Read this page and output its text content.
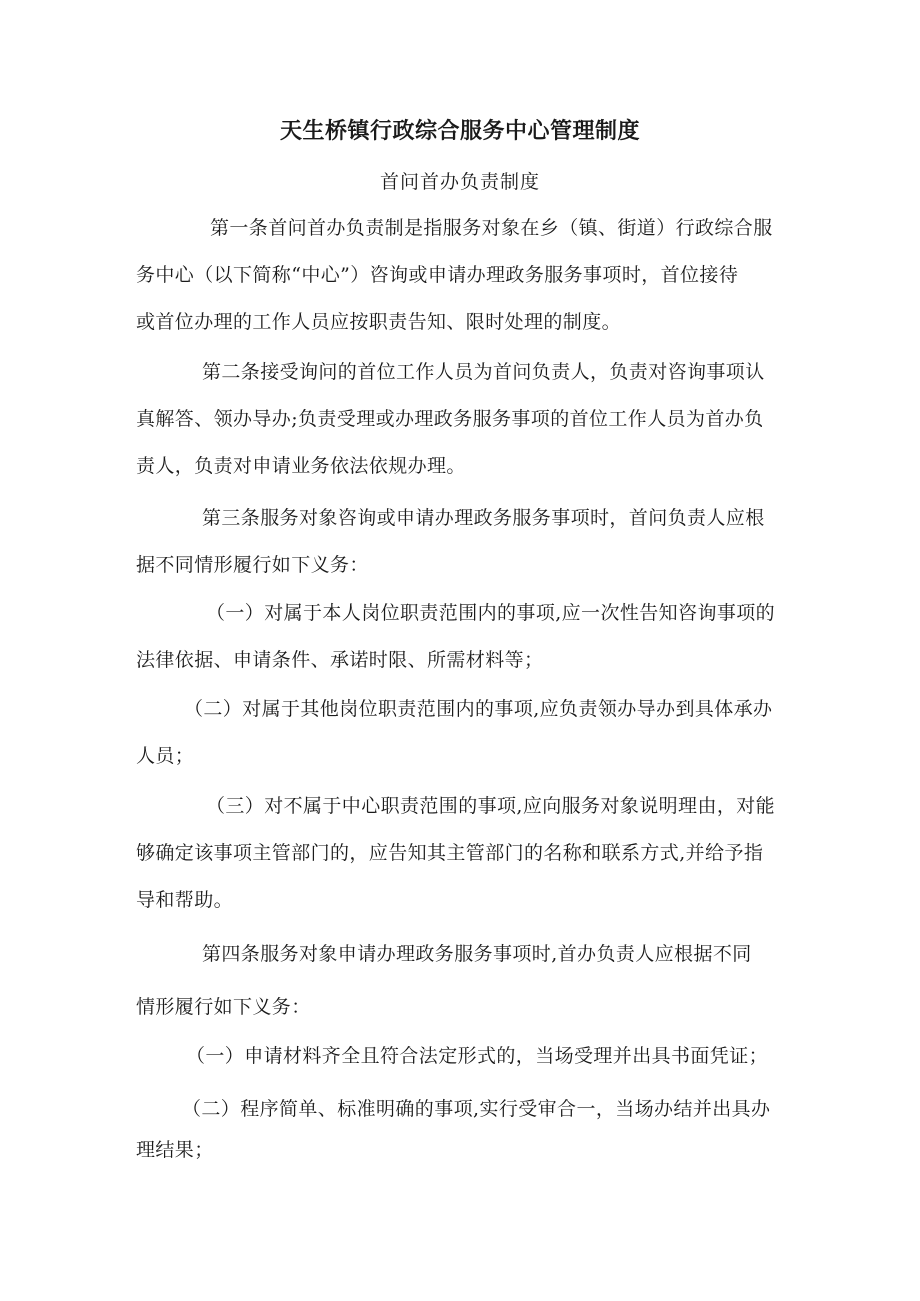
天生桥镇行政综合服务中心管理制度
首问首办负责制度
第一条首问首办负责制是指服务对象在乡（镇、街道）行政综合服
务中心（以下简称“中心”）咨询或申请办理政务服务事项时，首位接待
或首位办理的工作人员应按职责告知、限时处理的制度。
第二条接受询问的首位工作人员为首问负责人，负责对咨询事项认
真解答、领办导办;负责受理或办理政务服务事项的首位工作人员为首办负
责人，负责对申请业务依法依规办理。
第三条服务对象咨询或申请办理政务服务事项时，首问负责人应根
据不同情形履行如下义务：
（一）对属于本人岗位职责范围内的事项,应一次性告知咨询事项的
法律依据、申请条件、承诺时限、所需材料等；
（二）对属于其他岗位职责范围内的事项,应负责领办导办到具体承办
人员；
（三）对不属于中心职责范围的事项,应向服务对象说明理由，对能
够确定该事项主管部门的，应告知其主管部门的名称和联系方式,并给予指
导和帮助。
第四条服务对象申请办理政务服务事项时,首办负责人应根据不同
情形履行如下义务：
（一）申请材料齐全且符合法定形式的，当场受理并出具书面凭证；
（二）程序简单、标准明确的事项,实行受审合一，当场办结并出具办
理结果；
